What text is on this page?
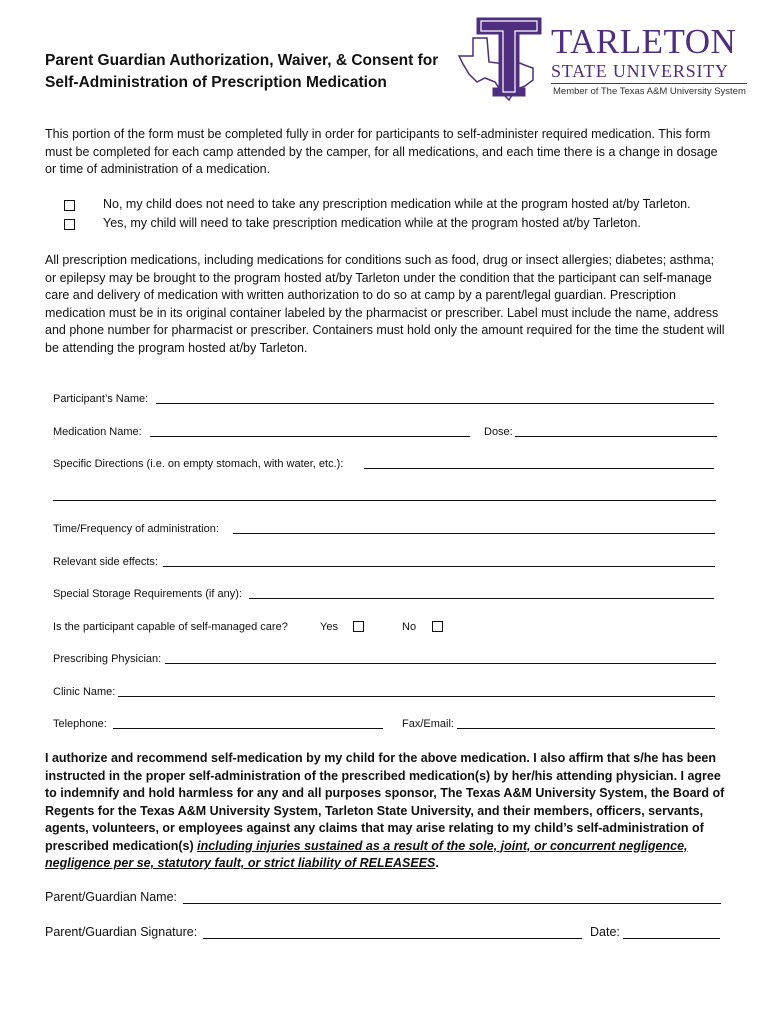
Parent Guardian Authorization, Waiver, & Consent for
Self-Administration of Prescription Medication
TARLETON
STATE UNIVERSITY
Member of The Texas A&M University System
This portion of the form must be completed fully in order for participants to self-administer required medication. This form must be completed for each camp attended by the camper, for all medications, and each time there is a change in dosage or time of administration of a medication.
No, my child does not need to take any prescription medication while at the program hosted at/by Tarleton.
Yes, my child will need to take prescription medication while at the program hosted at/by Tarleton.
All prescription medications, including medications for conditions such as food, drug or insect allergies; diabetes; asthma; or epilepsy may be brought to the program hosted at/by Tarleton under the condition that the participant can self-manage care and delivery of medication with written authorization to do so at camp by a parent/legal guardian. Prescription medication must be in its original container labeled by the pharmacist or prescriber. Label must include the name, address and phone number for pharmacist or prescriber. Containers must hold only the amount required for the time the student will be attending the program hosted at/by Tarleton.
Participant’s Name:
Medication Name:	Dose:
Specific Directions (i.e. on empty stomach, with water, etc.):
Time/Frequency of administration:
Relevant side effects:
Special Storage Requirements (if any):
Is the participant capable of self-managed care?	Yes	No
Prescribing Physician:
Clinic Name:
Telephone:	Fax/Email:
I authorize and recommend self-medication by my child for the above medication. I also affirm that s/he has been instructed in the proper self-administration of the prescribed medication(s) by her/his attending physician. I agree to indemnify and hold harmless for any and all purposes sponsor, The Texas A&M University System, the Board of Regents for the Texas A&M University System, Tarleton State University, and their members, officers, servants, agents, volunteers, or employees against any claims that may arise relating to my child’s self-administration of prescribed medication(s) including injuries sustained as a result of the sole, joint, or concurrent negligence, negligence per se, statutory fault, or strict liability of RELEASEES.
Parent/Guardian Name:
Parent/Guardian Signature:	Date:
